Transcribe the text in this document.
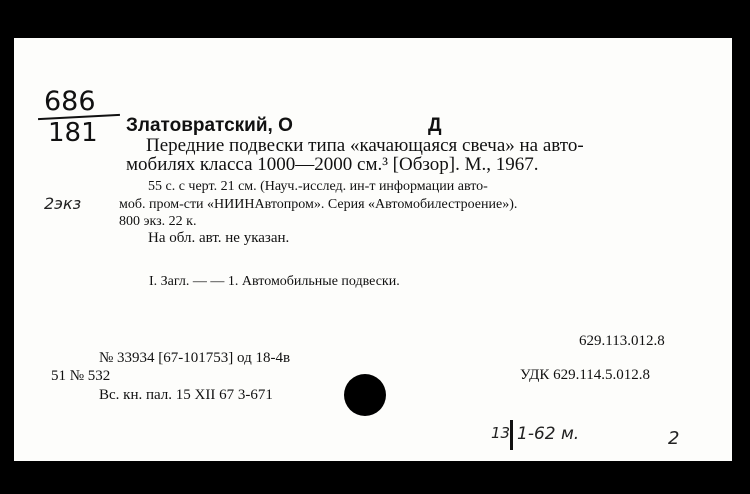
686
181 Златовратский, О	Д
Передние подвески типа «качающаяся свеча» на авто-
мобилях класса 1000—2000 см.³ [Обзор]. М., 1967.
55 с. с черт. 21 см. (Науч.-исслед. ин-т информации авто-
моб. пром-сти «НИИНАвтопром». Серия «Автомобилестроение»).
800 экз. 22 к.
На обл. авт. не указан.
I. Загл. — — 1. Автомобильные подвески.
629.113.012.8
УДК 629.114.5.012.8
№ 33934 [67-101753] од 18-4в
51 № 532
Вс. кн. пал. 15 XII 67 3-671
2экз
13 1-62 м.	2
